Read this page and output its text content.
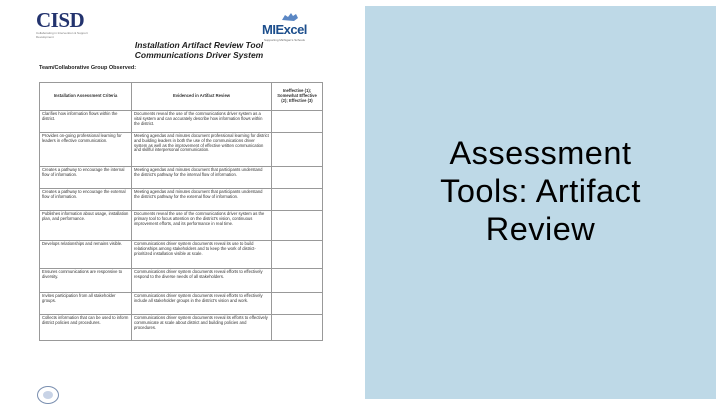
CISD
Collaborating in Intervention & Support Development	MIExcel
Supporting Michigan's Schools
Installation Artifact Review Tool
Communications Driver System
Team/Collaborative Group Observed:
Installation Assessment Criteria	Evidenced in Artifact Review	Ineffective (1); Somewhat Effective (2); Effective (3)
Clarifies how information flows within the district.	Documents reveal the use of the communications driver system as a vital system and can accurately describe how information flows within the district.	
Provides on-going professional learning for leaders in effective communication.	Meeting agendas and minutes document professional learning for district and building leaders in both the use of the communications driver system as well as the improvement of effective written communication and skillful interpersonal communication.	
Creates a pathway to encourage the internal flow of information.	Meeting agendas and minutes document that participants understand the district's pathway for the internal flow of information.	
Creates a pathway to encourage the external flow of information.	Meeting agendas and minutes document that participants understand the district's pathway for the external flow of information.	
Publishes information about usage, installation plan, and performance.	Documents reveal the use of the communications driver system as the primary tool to focus attention on the district's vision, continuous improvement efforts, and its performance in real time.	
Develops relationships and remains visible.	Communications driver system documents reveal its use to build relationships among stakeholders and to keep the work of district-prioritized installation visible at scale.	
Ensures communications are responsive to diversity.	Communications driver system documents reveal efforts to effectively respond to the diverse needs of all stakeholders.	
Invites participation from all stakeholder groups.	Communications driver system documents reveal efforts to effectively include all stakeholder groups in the district's vision and work.	
Collects information that can be used to inform district policies and procedures.	Communications driver system documents reveal its efforts to effectively communicate at scale about district and building policies and procedures.	
Assessment
Tools: Artifact
Review
